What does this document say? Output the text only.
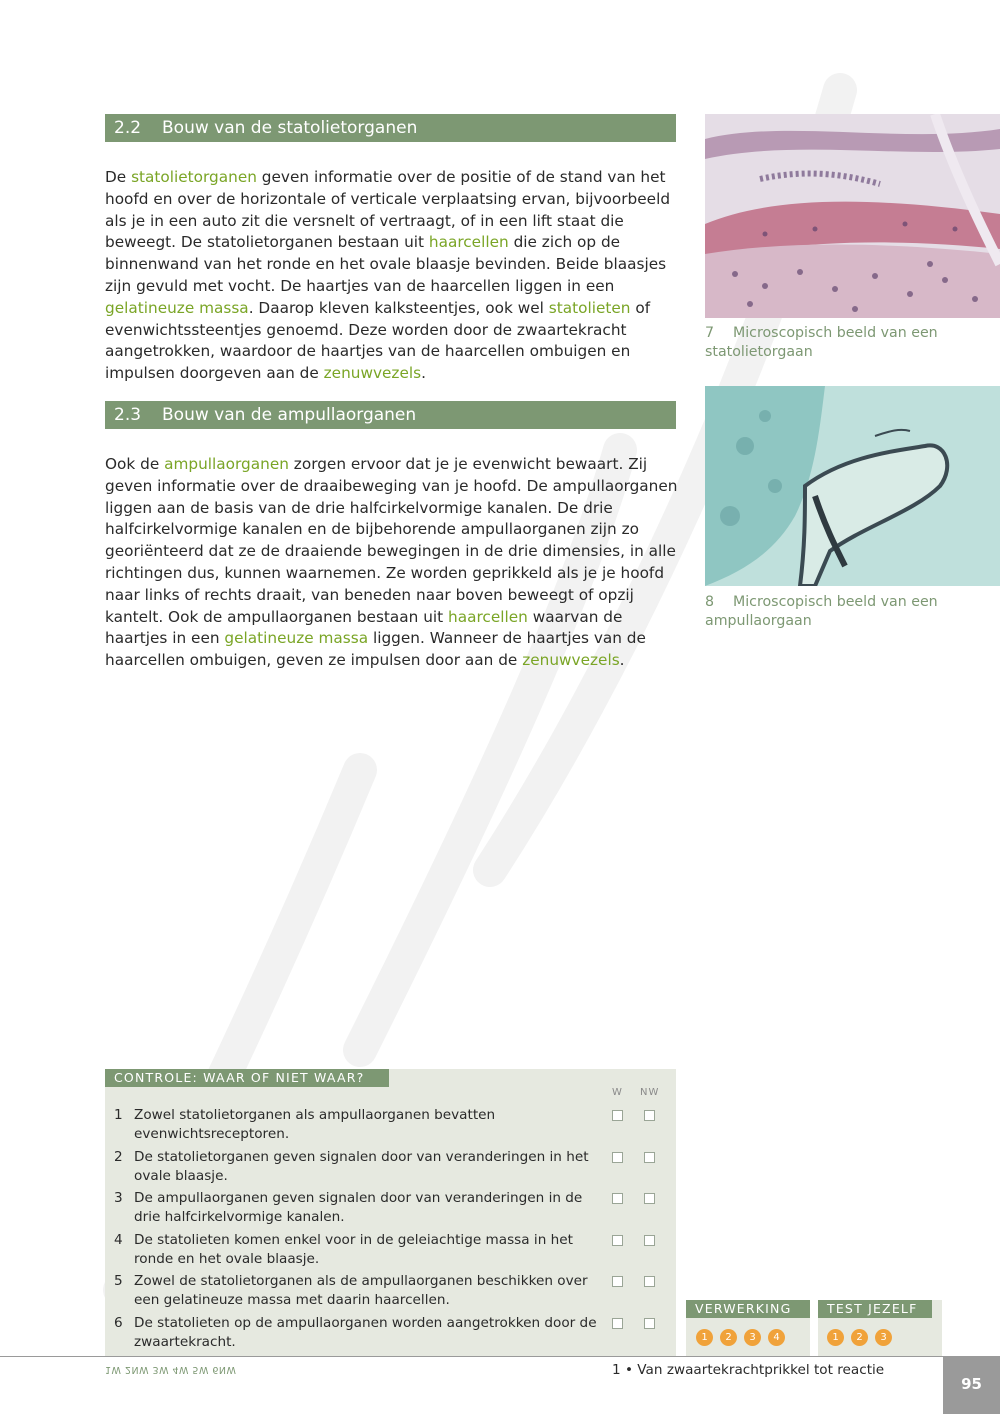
2.2 Bouw van de statolietorganen
De statolietorganen geven informatie over de positie of de stand van het hoofd en over de horizontale of verticale verplaatsing ervan, bijvoorbeeld als je in een auto zit die versnelt of vertraagt, of in een lift staat die beweegt. De statolietorganen bestaan uit haarcellen die zich op de binnenwand van het ronde en het ovale blaasje bevinden. Beide blaasjes zijn gevuld met vocht. De haartjes van de haarcellen liggen in een gelatineuze massa. Daarop kleven kalksteentjes, ook wel statolieten of evenwichtssteentjes genoemd. Deze worden door de zwaartekracht aangetrokken, waardoor de haartjes van de haarcellen ombuigen en impulsen doorgeven aan de zenuwvezels.
7 Microscopisch beeld van een statolietorgaan
2.3 Bouw van de ampullaorganen
Ook de ampullaorganen zorgen ervoor dat je je evenwicht bewaart. Zij geven informatie over de draaibeweging van je hoofd. De ampullaorganen liggen aan de basis van de drie halfcirkelvormige kanalen. De drie halfcirkelvormige kanalen en de bijbehorende ampullaorganen zijn zo georiënteerd dat ze de draaiende bewegingen in de drie dimensies, in alle richtingen dus, kunnen waarnemen. Ze worden geprikkeld als je je hoofd naar links of rechts draait, van beneden naar boven beweegt of opzij kantelt. Ook de ampullaorganen bestaan uit haarcellen waarvan de haartjes in een gelatineuze massa liggen. Wanneer de haartjes van de haarcellen ombuigen, geven ze impulsen door aan de zenuwvezels.
8 Microscopisch beeld van een ampullaorgaan
CONTROLE: WAAR OF NIET WAAR?
W NW
1 Zowel statolietorganen als ampullaorganen bevatten evenwichtsreceptoren.
2 De statolietorganen geven signalen door van veranderingen in het ovale blaasje.
3 De ampullaorganen geven signalen door van veranderingen in de drie halfcirkelvormige kanalen.
4 De statolieten komen enkel voor in de geleiachtige massa in het ronde en het ovale blaasje.
5 Zowel de statolietorganen als de ampullaorganen beschikken over een gelatineuze massa met daarin haarcellen.
6 De statolieten op de ampullaorganen worden aangetrokken door de zwaartekracht.
VERWERKING
1	2	3	4
TEST JEZELF
1	2	3
1W 2NW 3W 4W 5W 6NW	1 • Van zwaartekrachtprikkel tot reactie
95
